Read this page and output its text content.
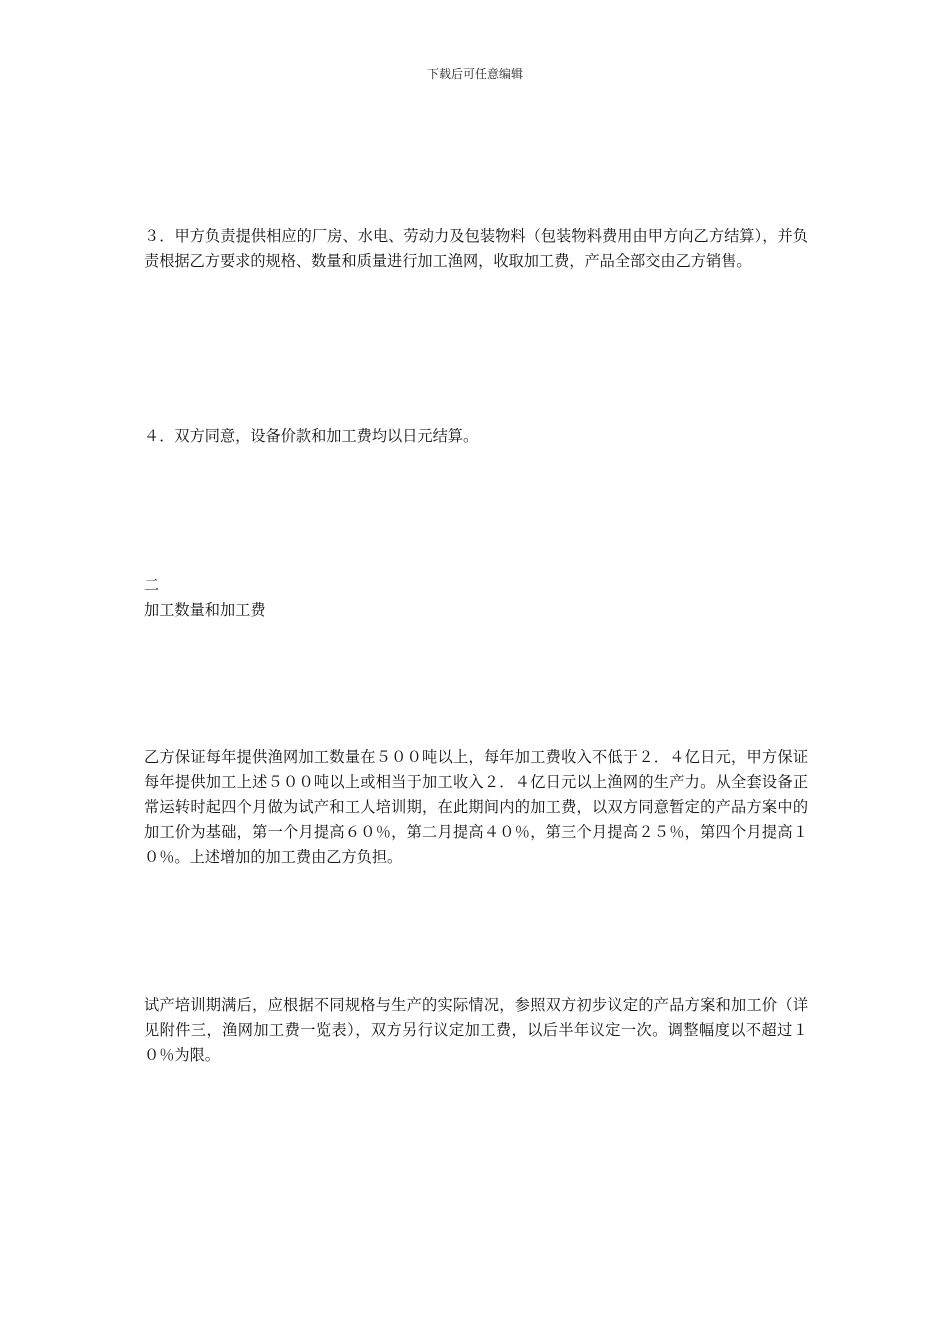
下载后可任意编辑

３．甲方负责提供相应的厂房、水电、劳动力及包装物料（包装物料费用由甲方向乙方结算），并负责根据乙方要求的规格、数量和质量进行加工渔网，收取加工费，产品全部交由乙方销售。

４．双方同意，设备价款和加工费均以日元结算。

二

加工数量和加工费

乙方保证每年提供渔网加工数量在５００吨以上，每年加工费收入不低于２．４亿日元，甲方保证每年提供加工上述５００吨以上或相当于加工收入２．４亿日元以上渔网的生产力。从全套设备正常运转时起四个月做为试产和工人培训期，在此期间内的加工费，以双方同意暂定的产品方案中的加工价为基础，第一个月提高６０％，第二月提高４０％，第三个月提高２５％，第四个月提高１０％。上述增加的加工费由乙方负担。

试产培训期满后，应根据不同规格与生产的实际情况，参照双方初步议定的产品方案和加工价（详见附件三，渔网加工费一览表），双方另行议定加工费，以后半年议定一次。调整幅度以不超过１０％为限。
